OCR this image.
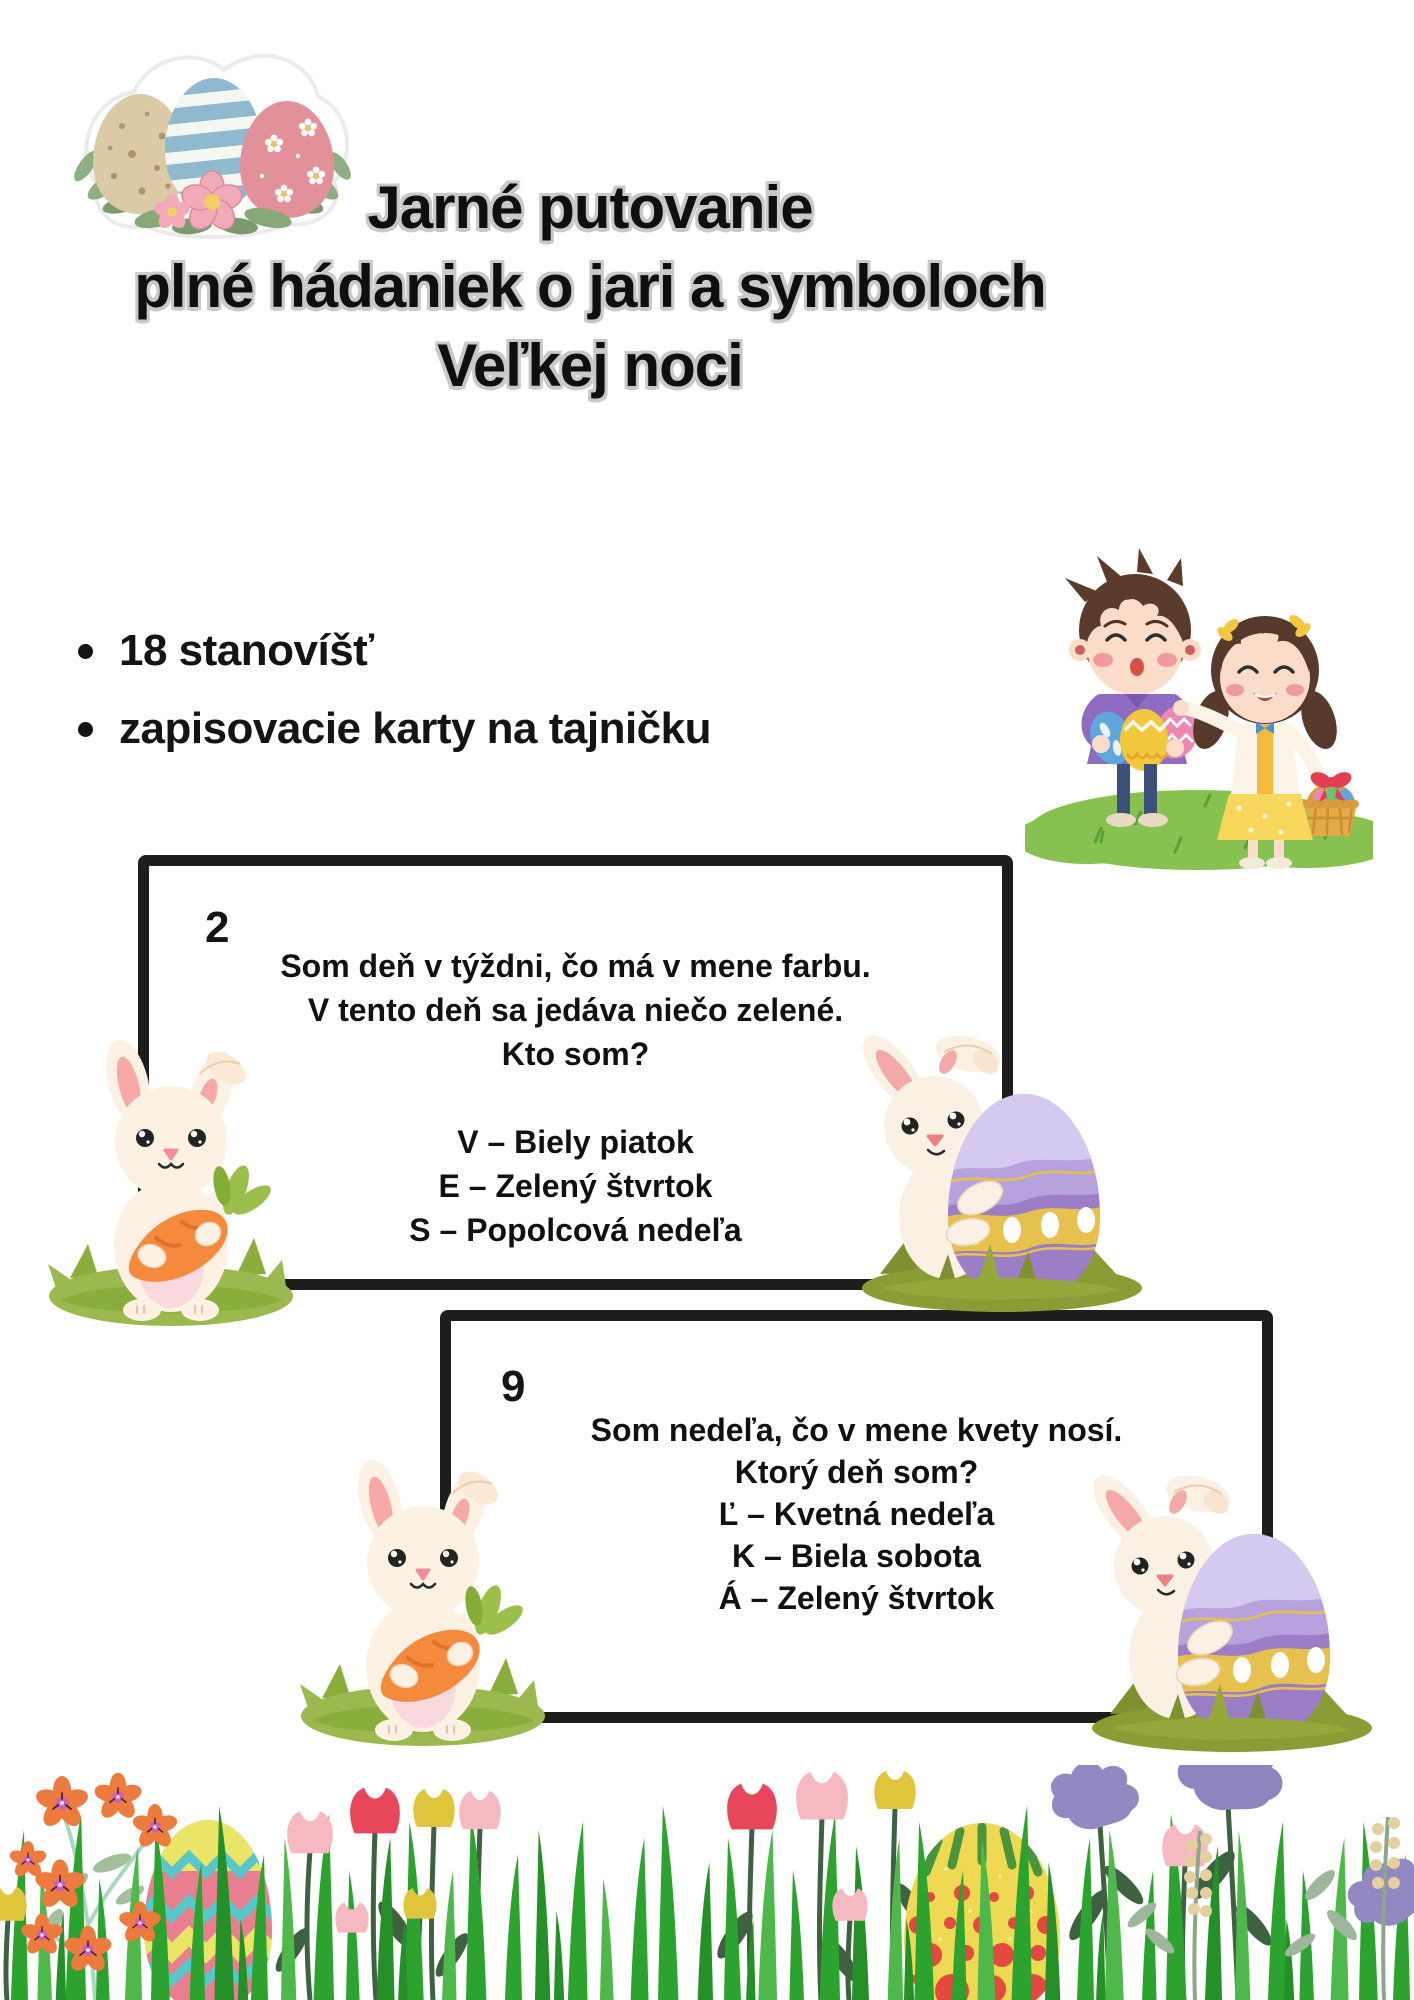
Jarné putovanie
plné hádaniek o jari a symboloch
Veľkej noci
18 stanovíšť
zapisovacie karty na tajničku
2
Som deň v týždni, čo má v mene farbu.
V tento deň sa jedáva niečo zelené.
Kto som?
V – Biely piatok
E – Zelený štvrtok
S – Popolcová nedeľa
9
Som nedeľa, čo v mene kvety nosí.
Ktorý deň som?
Ľ – Kvetná nedeľa
K – Biela sobota
Á – Zelený štvrtok
